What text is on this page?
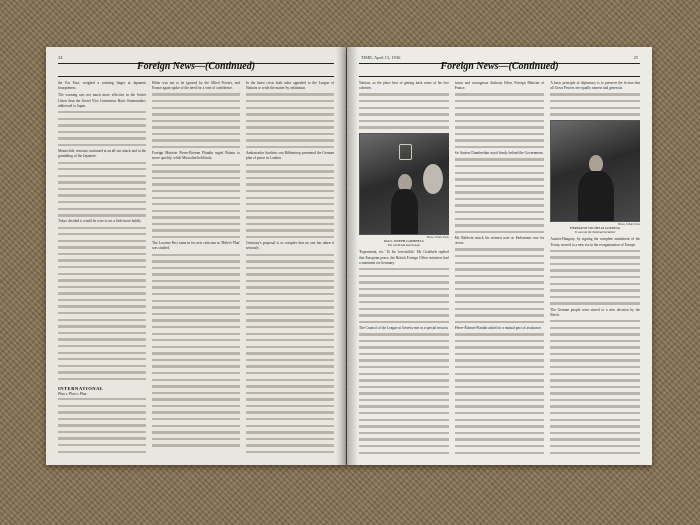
24
Foreign News—(Continued)

the Far East, weighed a warning finger at Japanese brusqueness.

The warning was not much more effective in the Soviet Union than the Soviet Vice Commissar Boris Stomoniakov addressed to Japan.

Meanwhile, tensions continued at an all-out attack and to the grumbling of the Japanese.

Tokyo decided it would be wise to act a little more boldly.

INTERNATIONAL
Plan v. Plan v. Plan

Hitler was not to be ignored by the Allied Powers, and France again spoke of the need for a vote of confidence.

Foreign Minister Pierre-Étienne Flandin urged Britain to move quickly, while Mussolini held back.

The Locarno Pact came in for new criticism as 'Hitler's Plan' was studied.

In the latest crisis both sides appealed to the League of Nations to settle the matter by arbitration.

Ambassador Joachim von Ribbentrop presented the German plan of peace in London.

Germany's proposal is so complex that no one has taken it seriously.

TIME, April 13, 1936	25
Foreign News—(Continued)

Nations, as the place best of getting back some of his lost colonies.

Photo, Schall, Paris
PAUL JOSEPH GOEBBELS
The world had had enough

'Experiment, etc.' To his 'irresistible,' Mr. Goebbels replied that European peace, the British Foreign Office ministers had a statement on Germany.

The Council of the League at Geneva met in a special session.

house and courageous Anthony Eden, Foreign Minister of France.

Sir Austen Chamberlain stood firmly behind the Government.

Mr. Baldwin struck his sternest note as Parliament rose for recess.

Pierre-Étienne Flandin asked for a mutual pact of assistance.

A basic principle of diplomacy is to preserve the fiction that all Great Powers are equally earnest and generous.

Photo, Schall, Paris
HERMANN WILHELM GOERING
'It was not the National Socialists'

Austria-Hungary, by signing the complete annulment of the Treaty, moved to a new era in the reorganization of Europe.

The German people were stirred to a new decision by the Reich.
